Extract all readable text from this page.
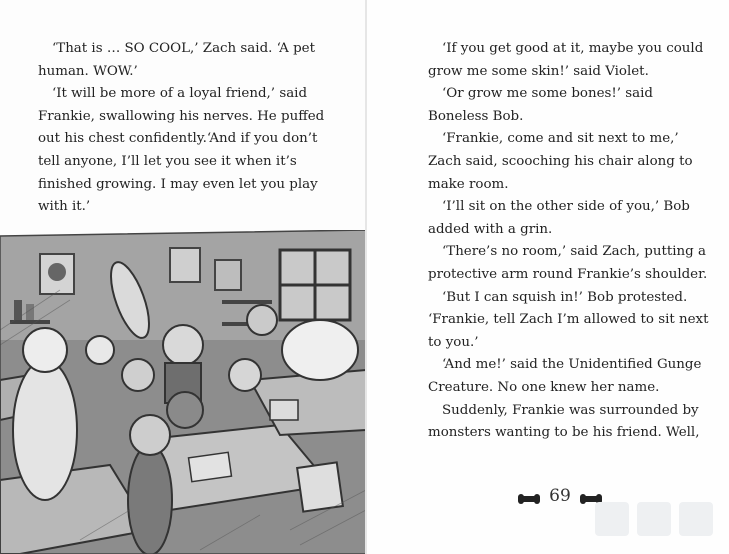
‘That is … SO COOL,’ Zach said. ‘A pet human. WOW.’

‘It will be more of a loyal friend,’ said Frankie, swallowing his nerves. He puffed out his chest confidently.‘And if you don’t tell anyone, I’ll let you see it when it’s finished growing. I may even let you play with it.’

‘If you get good at it, maybe you could grow me some skin!’ said Violet.

‘Or grow me some bones!’ said Boneless Bob.

‘Frankie, come and sit next to me,’ Zach said, scooching his chair along to make room.

‘I’ll sit on the other side of you,’ Bob added with a grin.

‘There’s no room,’ said Zach, putting a protective arm round Frankie’s shoulder.

‘But I can squish in!’ Bob protested. ‘Frankie, tell Zach I’m allowed to sit next to you.’

‘And me!’ said the Unidentified Gunge Creature. No one knew her name.

Suddenly, Frankie was surrounded by monsters wanting to be his friend. Well,

69
